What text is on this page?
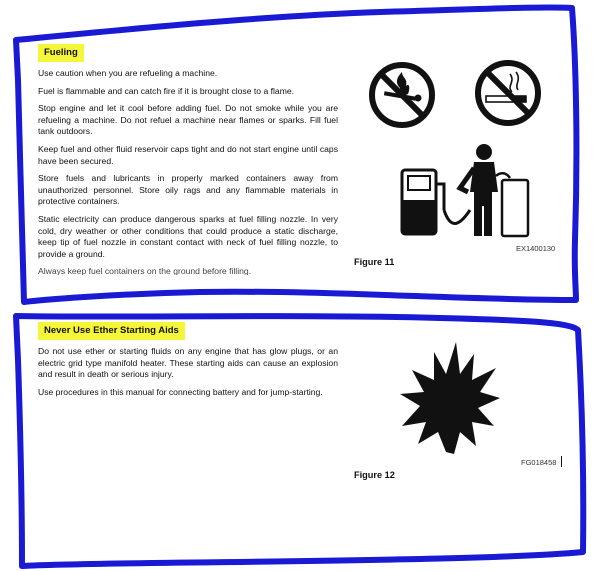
Fueling

Use caution when you are refueling a machine.

Fuel is flammable and can catch fire if it is brought close to a flame.

Stop engine and let it cool before adding fuel. Do not smoke while you are refueling a machine. Do not refuel a machine near flames or sparks. Fill fuel tank outdoors.

Keep fuel and other fluid reservoir caps tight and do not start engine until caps have been secured.

Store fuels and lubricants in properly marked containers away from unauthorized personnel. Store oily rags and any flammable materials in protective containers.

Static electricity can produce dangerous sparks at fuel filling nozzle. In very cold, dry weather or other conditions that could produce a static discharge, keep tip of fuel nozzle in constant contact with neck of fuel filling nozzle, to provide a ground.

Always keep fuel containers on the ground before filling.

EX1400130
Figure 11
Never Use Ether Starting Aids

Do not use ether or starting fluids on any engine that has glow plugs, or an electric grid type manifold heater. These starting aids can cause an explosion and result in death or serious injury.

Use procedures in this manual for connecting battery and for jump-starting.

FG018458
Figure 12
